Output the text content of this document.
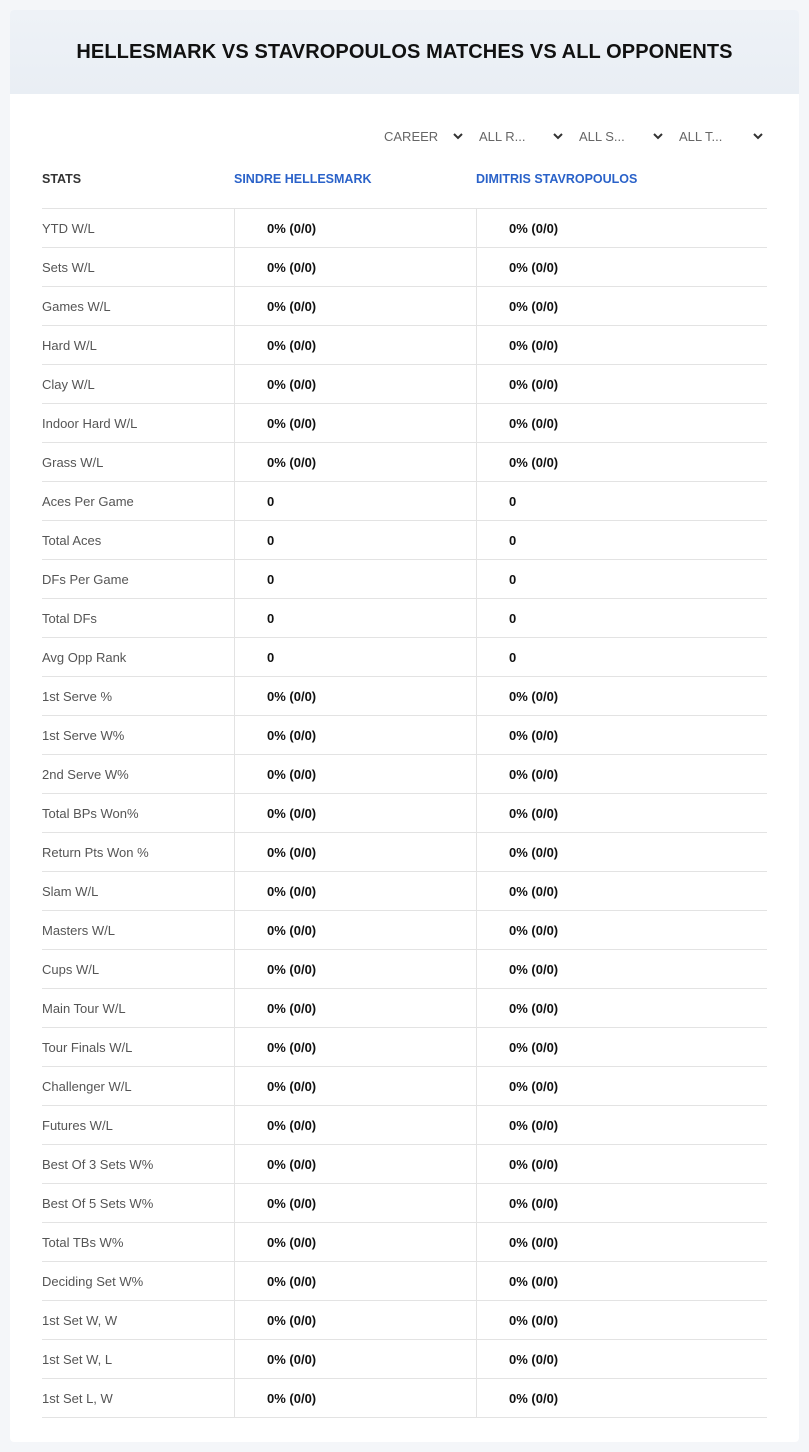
HELLESMARK VS STAVROPOULOS MATCHES VS ALL OPPONENTS
CAREER	ALL R...	ALL S...	ALL T...
STATS	SINDRE HELLESMARK	DIMITRIS STAVROPOULOS
YTD W/L	0% (0/0)	0% (0/0)
Sets W/L	0% (0/0)	0% (0/0)
Games W/L	0% (0/0)	0% (0/0)
Hard W/L	0% (0/0)	0% (0/0)
Clay W/L	0% (0/0)	0% (0/0)
Indoor Hard W/L	0% (0/0)	0% (0/0)
Grass W/L	0% (0/0)	0% (0/0)
Aces Per Game	0	0
Total Aces	0	0
DFs Per Game	0	0
Total DFs	0	0
Avg Opp Rank	0	0
1st Serve %	0% (0/0)	0% (0/0)
1st Serve W%	0% (0/0)	0% (0/0)
2nd Serve W%	0% (0/0)	0% (0/0)
Total BPs Won%	0% (0/0)	0% (0/0)
Return Pts Won %	0% (0/0)	0% (0/0)
Slam W/L	0% (0/0)	0% (0/0)
Masters W/L	0% (0/0)	0% (0/0)
Cups W/L	0% (0/0)	0% (0/0)
Main Tour W/L	0% (0/0)	0% (0/0)
Tour Finals W/L	0% (0/0)	0% (0/0)
Challenger W/L	0% (0/0)	0% (0/0)
Futures W/L	0% (0/0)	0% (0/0)
Best Of 3 Sets W%	0% (0/0)	0% (0/0)
Best Of 5 Sets W%	0% (0/0)	0% (0/0)
Total TBs W%	0% (0/0)	0% (0/0)
Deciding Set W%	0% (0/0)	0% (0/0)
1st Set W, W	0% (0/0)	0% (0/0)
1st Set W, L	0% (0/0)	0% (0/0)
1st Set L, W	0% (0/0)	0% (0/0)
